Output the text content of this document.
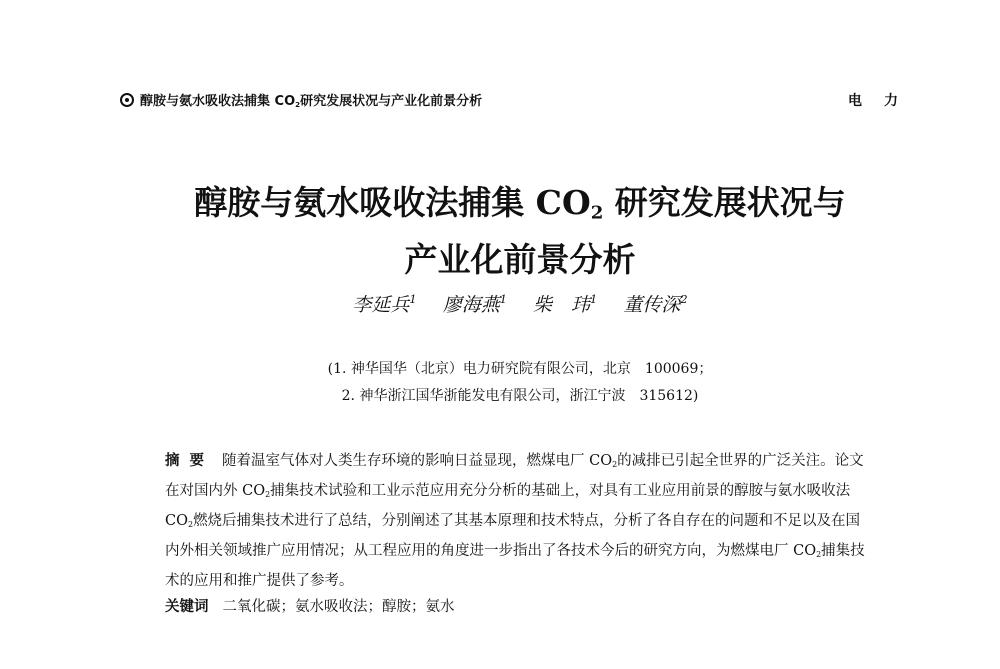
醇胺与氨水吸收法捕集 $CO_2$研究发展状况与产业化前景分析	电力
醇胺与氨水吸收法捕集 $CO_2$ 研究发展状况与
产业化前景分析
李延兵$^1$ 廖海燕$^1$ 柴　玮$^1$ 董传深$^2$
(1. 神华国华（北京）电力研究院有限公司，北京　100069；
2. 神华浙江国华浙能发电有限公司，浙江宁波　315612)

摘要 随着温室气体对人类生存环境的影响日益显现，燃煤电厂 $CO_2$的减排已引起全世界的广泛关注。论文在对国内外 $CO_2$捕集技术试验和工业示范应用充分分析的基础上，对具有工业应用前景的醇胺与氨水吸收法 $CO_2$燃烧后捕集技术进行了总结，分别阐述了其基本原理和技术特点，分析了各自存在的问题和不足以及在国内外相关领域推广应用情况；从工程应用的角度进一步指出了各技术今后的研究方向，为燃煤电厂 $CO_2$捕集技术的应用和推广提供了参考。

关键词 二氧化碳；氨水吸收法；醇胺；氨水
